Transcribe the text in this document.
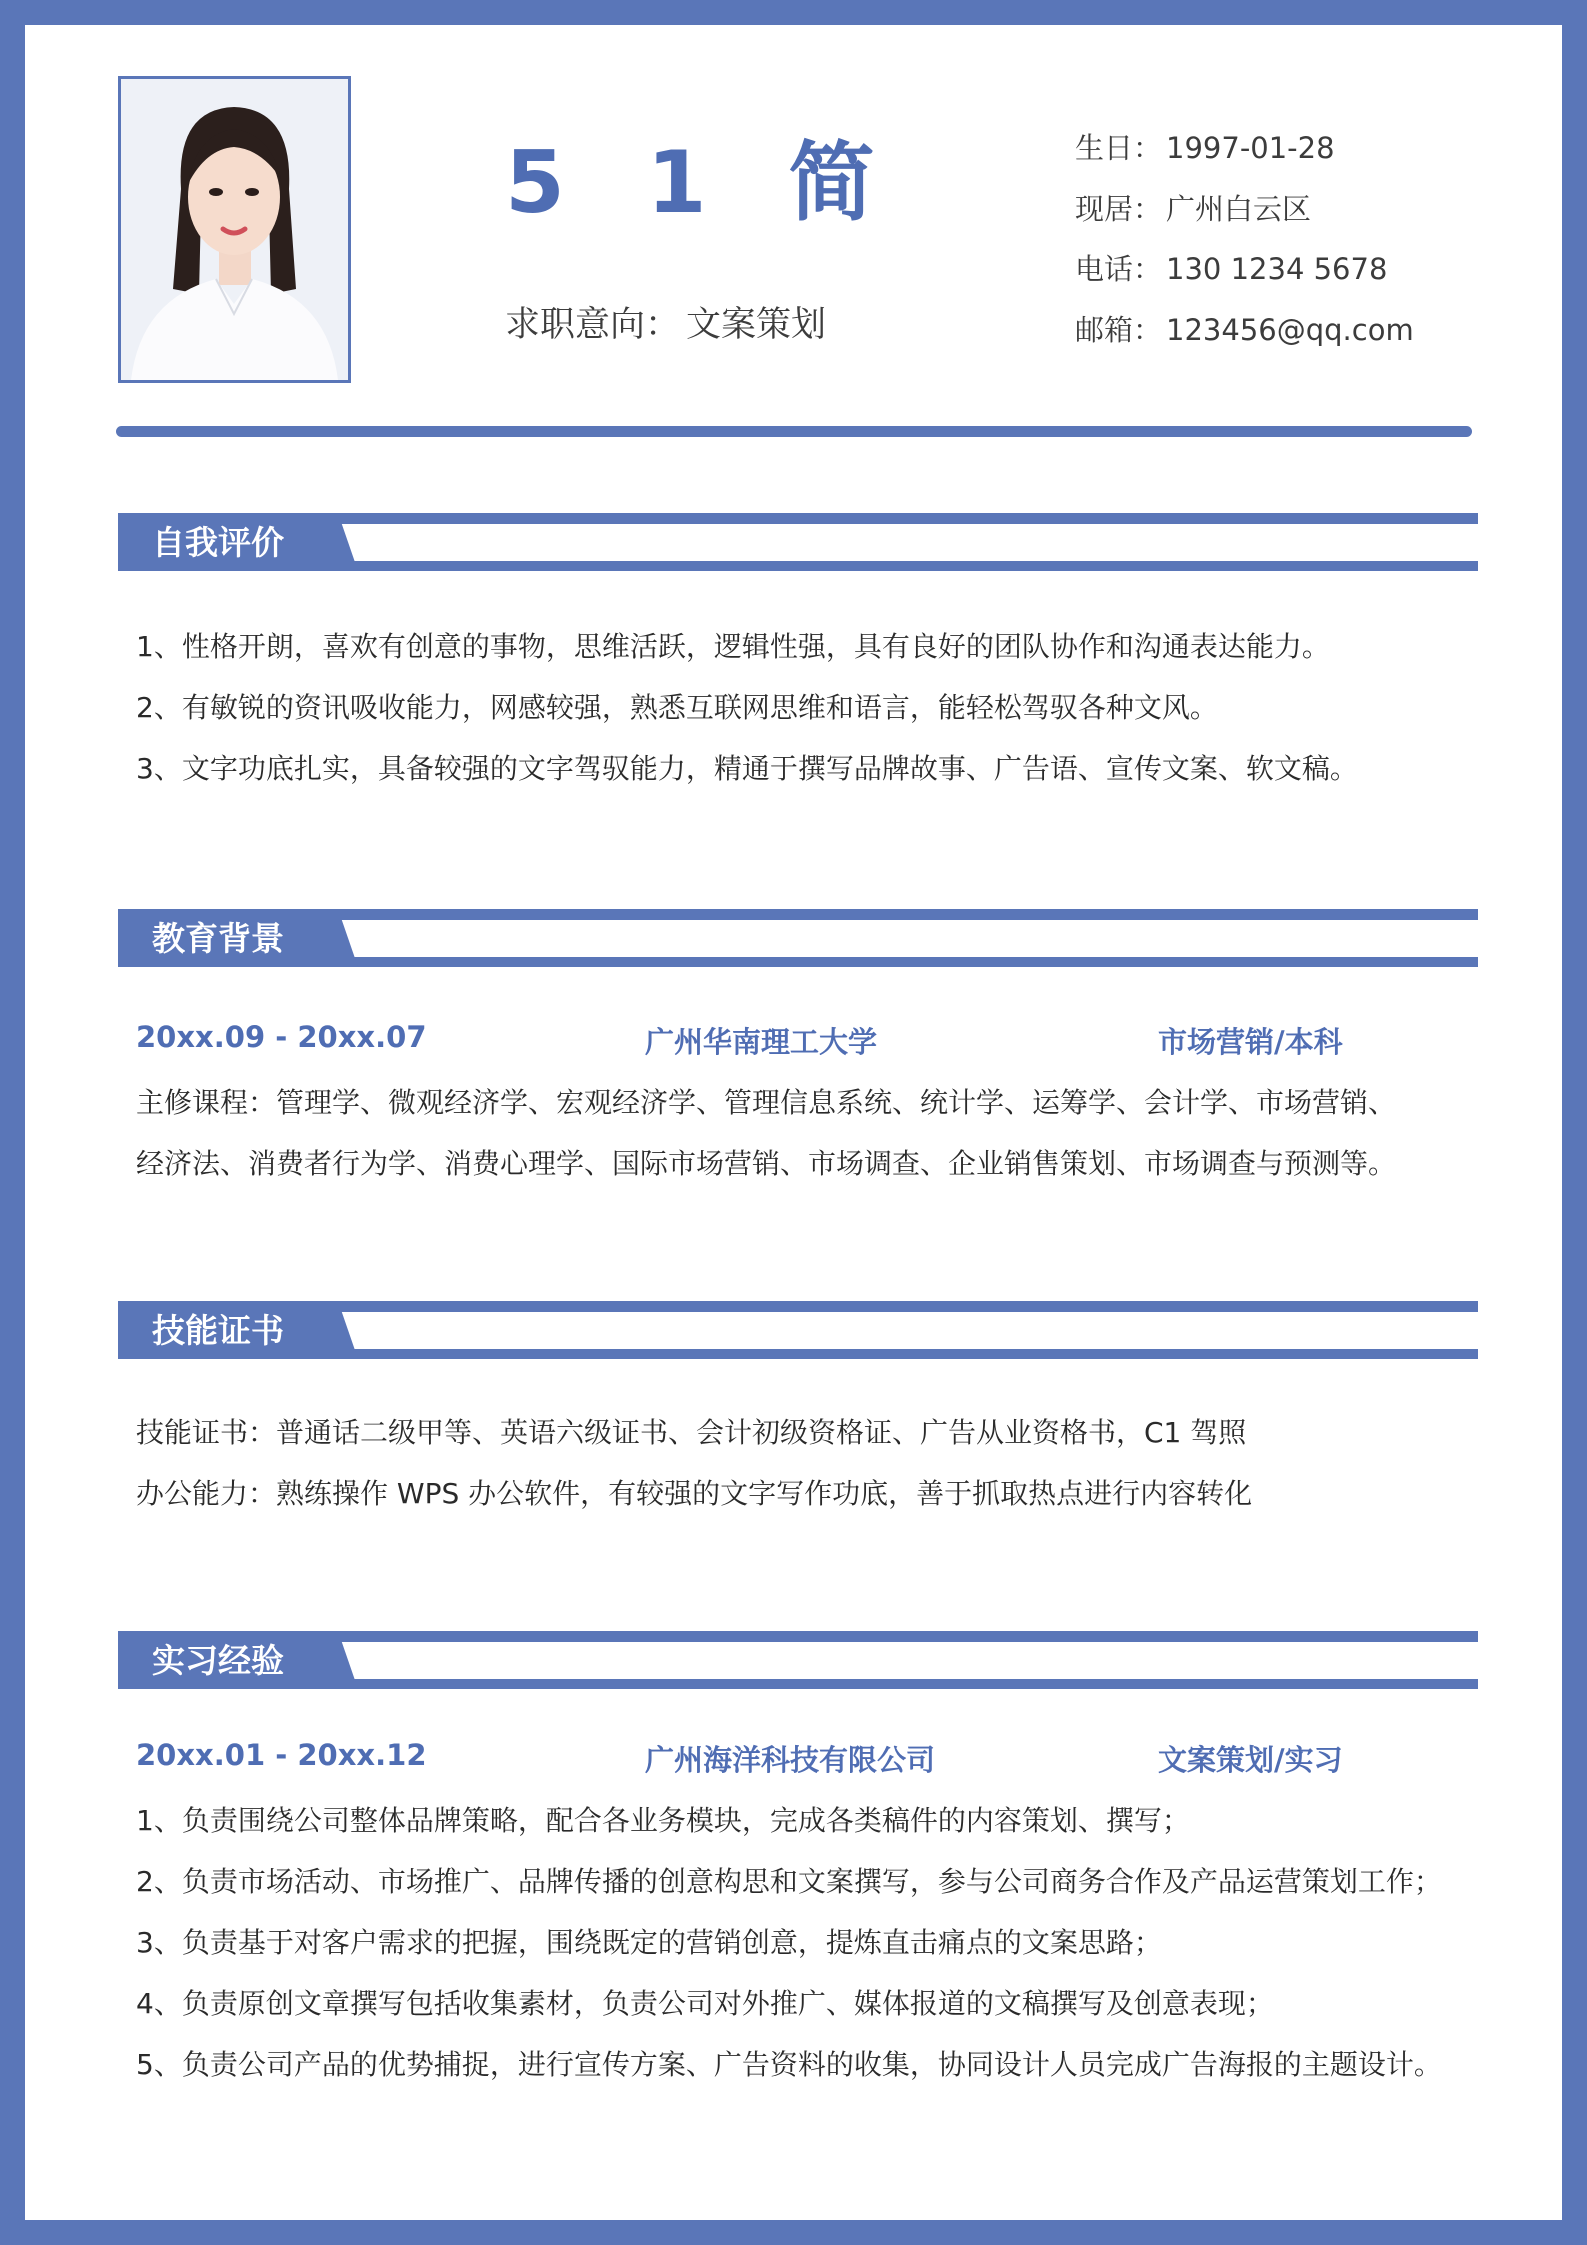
5 1 简
求职意向： 文案策划
生日： 1997-01-28
现居： 广州白云区
电话： 130 1234 5678
邮箱： 123456@qq.com
自我评价
1、性格开朗，喜欢有创意的事物，思维活跃，逻辑性强，具有良好的团队协作和沟通表达能力。
2、有敏锐的资讯吸收能力，网感较强，熟悉互联网思维和语言，能轻松驾驭各种文风。
3、文字功底扎实，具备较强的文字驾驭能力，精通于撰写品牌故事、广告语、宣传文案、软文稿。
教育背景
20xx.09 - 20xx.07	广州华南理工大学	市场营销/本科
主修课程：管理学、微观经济学、宏观经济学、管理信息系统、统计学、运筹学、会计学、市场营销、
经济法、消费者行为学、消费心理学、国际市场营销、市场调查、企业销售策划、市场调查与预测等。
技能证书
技能证书：普通话二级甲等、英语六级证书、会计初级资格证、广告从业资格书，C1 驾照
办公能力：熟练操作 WPS 办公软件，有较强的文字写作功底，善于抓取热点进行内容转化
实习经验
20xx.01 - 20xx.12	广州海洋科技有限公司	文案策划/实习
1、负责围绕公司整体品牌策略，配合各业务模块，完成各类稿件的内容策划、撰写；
2、负责市场活动、市场推广、品牌传播的创意构思和文案撰写，参与公司商务合作及产品运营策划工作；
3、负责基于对客户需求的把握，围绕既定的营销创意，提炼直击痛点的文案思路；
4、负责原创文章撰写包括收集素材，负责公司对外推广、媒体报道的文稿撰写及创意表现；
5、负责公司产品的优势捕捉，进行宣传方案、广告资料的收集，协同设计人员完成广告海报的主题设计。
